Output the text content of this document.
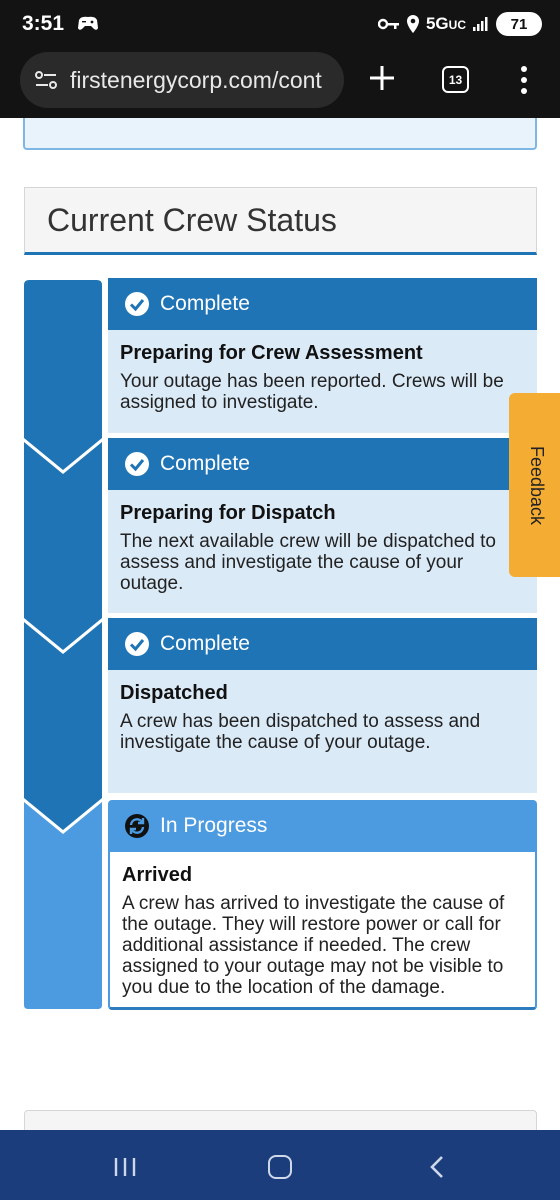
3:51	5GUC	71
firstenergycorp.com/cont	13
Current Crew Status
Complete
Preparing for Crew Assessment
Your outage has been reported. Crews will be assigned to investigate.
Complete
Preparing for Dispatch
The next available crew will be dispatched to assess and investigate the cause of your outage.
Complete
Dispatched
A crew has been dispatched to assess and investigate the cause of your outage.
In Progress
Arrived
A crew has arrived to investigate the cause of the outage. They will restore power or call for additional assistance if needed. The crew assigned to your outage may not be visible to you due to the location of the damage.
Feedback
